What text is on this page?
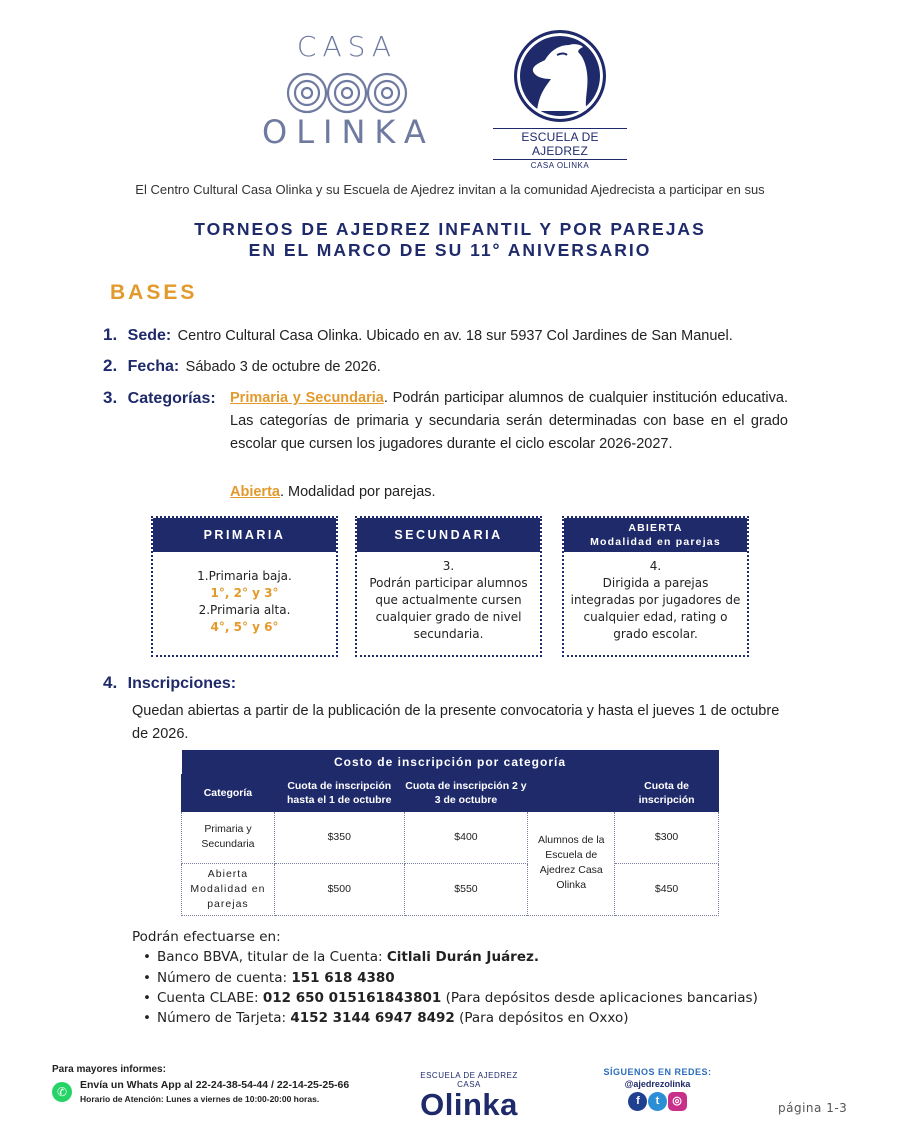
CASA
OLINKA	ESCUELA DE AJEDREZ
CASA OLINKA
El Centro Cultural Casa Olinka y su Escuela de Ajedrez invitan a la comunidad Ajedrecista a participar en sus
TORNEOS DE AJEDREZ INFANTIL Y POR PAREJAS
EN EL MARCO DE SU 11° ANIVERSARIO
BASES
1. Sede: Centro Cultural Casa Olinka. Ubicado en av. 18 sur 5937 Col Jardines de San Manuel.
2. Fecha: Sábado 3 de octubre de 2026.
3. Categorías: Primaria y Secundaria. Podrán participar alumnos de cualquier institución educativa. Las categorías de primaria y secundaria serán determinadas con base en el grado escolar que cursen los jugadores durante el ciclo escolar 2026-2027.
Abierta. Modalidad por parejas.
PRIMARIA
1.Primaria baja.
1°, 2° y 3°
2.Primaria alta.
4°, 5° y 6°
SECUNDARIA
3.
Podrán participar alumnos que actualmente cursen cualquier grado de nivel secundaria.
ABIERTA
Modalidad en parejas
4.
Dirigida a parejas integradas por jugadores de cualquier edad, rating o grado escolar.
4. Inscripciones:
Quedan abiertas a partir de la publicación de la presente convocatoria y hasta el jueves 1 de octubre de 2026.
Costo de inscripción por categoría				
Categoría	Cuota de inscripción hasta el 1 de octubre	Cuota de inscripción 2 y 3 de octubre		Cuota de inscripción
Primaria y Secundaria	$350	$400	Alumnos de la Escuela de Ajedrez Casa Olinka	$300
Abierta Modalidad en parejas	$500	$550		$450
Podrán efectuarse en:
• Banco BBVA, titular de la Cuenta: Citlali Durán Juárez.
• Número de cuenta: 151 618 4380
• Cuenta CLABE: 012 650 015161843801 (Para depósitos desde aplicaciones bancarias)
• Número de Tarjeta: 4152 3144 6947 8492 (Para depósitos en Oxxo)
Para mayores informes:
✆	Envía un Whats App al 22-24-38-54-44 / 22-14-25-25-66
Horario de Atención: Lunes a viernes de 10:00-20:00 horas.
ESCUELA DE AJEDREZ CASA
Olinka
SÍGUENOS EN REDES:
@ajedrezolinka
f t ◎	página 1-3
